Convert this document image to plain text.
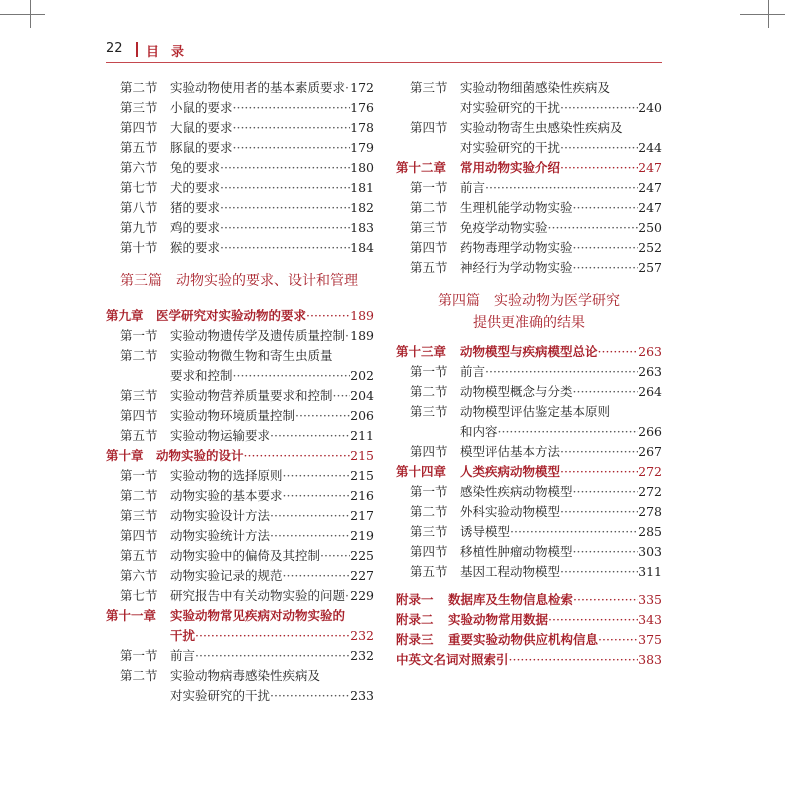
22 目录
第二节 实验动物使用者的基本素质要求 ····· 172
第三节 小鼠的要求 ·····	176
第四节 大鼠的要求 ·····	178
第五节 豚鼠的要求 ·····	179
第六节 兔的要求 ·····	180
第七节 犬的要求 ·····	181
第八节 猪的要求 ·····	182
第九节 鸡的要求 ·····	183
第十节 猴的要求 ·····	184
第三篇　动物实验的要求、设计和管理
第九章 医学研究对实验动物的要求 ·····	189
第一节 实验动物遗传学及遗传质量控制 ····· 189
第二节 实验动物微生物和寄生虫质量
要求和控制 ·····	202
第三节 实验动物营养质量要求和控制 ····· 204
第四节 实验动物环境质量控制 ·····	206
第五节 实验动物运输要求 ·····	211
第十章 动物实验的设计 ·····	215
第一节 实验动物的选择原则 ·····	215
第二节 动物实验的基本要求 ·····	216
第三节 动物实验设计方法 ·····	217
第四节 动物实验统计方法 ·····	219
第五节 动物实验中的偏倚及其控制 ····· 225
第六节 动物实验记录的规范 ·····	227
第七节 研究报告中有关动物实验的问题 ····· 229
第十一章 实验动物常见疾病对动物实验的
干扰 ·····	232
第一节 前言 ·····	232
第二节 实验动物病毒感染性疾病及
对实验研究的干扰 ·····	233
第三节 实验动物细菌感染性疾病及
对实验研究的干扰 ·····	240
第四节 实验动物寄生虫感染性疾病及
对实验研究的干扰 ·····	244
第十二章 常用动物实验介绍 ·····	247
第一节 前言 ·····	247
第二节 生理机能学动物实验 ·····	247
第三节 免疫学动物实验 ·····	250
第四节 药物毒理学动物实验 ·····	252
第五节 神经行为学动物实验 ·····	257
第四篇　实验动物为医学研究
提供更准确的结果
第十三章 动物模型与疾病模型总论 ·····	263
第一节 前言 ·····	263
第二节 动物模型概念与分类 ·····	264
第三节 动物模型评估鉴定基本原则
和内容 ·····	266
第四节 模型评估基本方法 ·····	267
第十四章 人类疾病动物模型 ·····	272
第一节 感染性疾病动物模型 ·····	272
第二节 外科实验动物模型 ·····	278
第三节 诱导模型 ·····	285
第四节 移植性肿瘤动物模型 ·····	303
第五节 基因工程动物模型 ·····	311
附录一 数据库及生物信息检索 ·····	335
附录二 实验动物常用数据 ·····	343
附录三 重要实验动物供应机构信息 ·····	375
中英文名词对照索引 ·····	383
